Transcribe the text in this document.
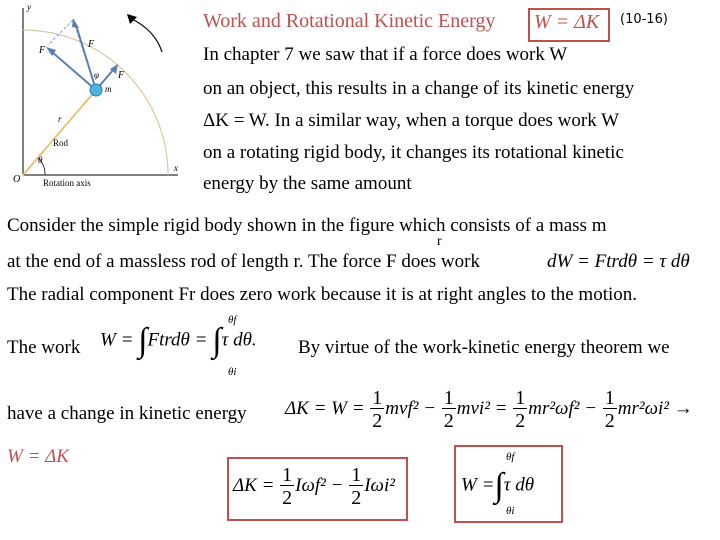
y
x
O
F
F
F
φ
m
r
Rod
θ
Rotation axis
Work and Rotational Kinetic Energy W = ΔK (10-16)
In chapter 7 we saw that if a force does work W
on an object, this results in a change of its kinetic energy
ΔK = W. In a similar way, when a torque does work W
on a rotating rigid body, it changes its rotational kinetic
energy by the same amount
Consider the simple rigid body shown in the figure which consists of a mass m
r
at the end of a massless rod of length r. The force F does work	dW = Ftrdθ = τ dθ
The radial component Fr does zero work because it is at right angles to the motion.
The work W = ∫Ftrdθ = ∫τ dθ.
θf
θi
By virtue of the work-kinetic energy theorem we
have a change in kinetic energy $\Delta K = W = \frac{1}{2} mvf^2 - \frac{1}{2} mvi^2 = \frac{1}{2} mr^2\omega f^2 - \frac{1}{2} mr^2\omega i^2$ →
W = ΔK
$\Delta K = \frac{1}{2} I\omega f^2 - \frac{1}{2} I\omega i^2$	W =∫τ dθ
θf
θi
